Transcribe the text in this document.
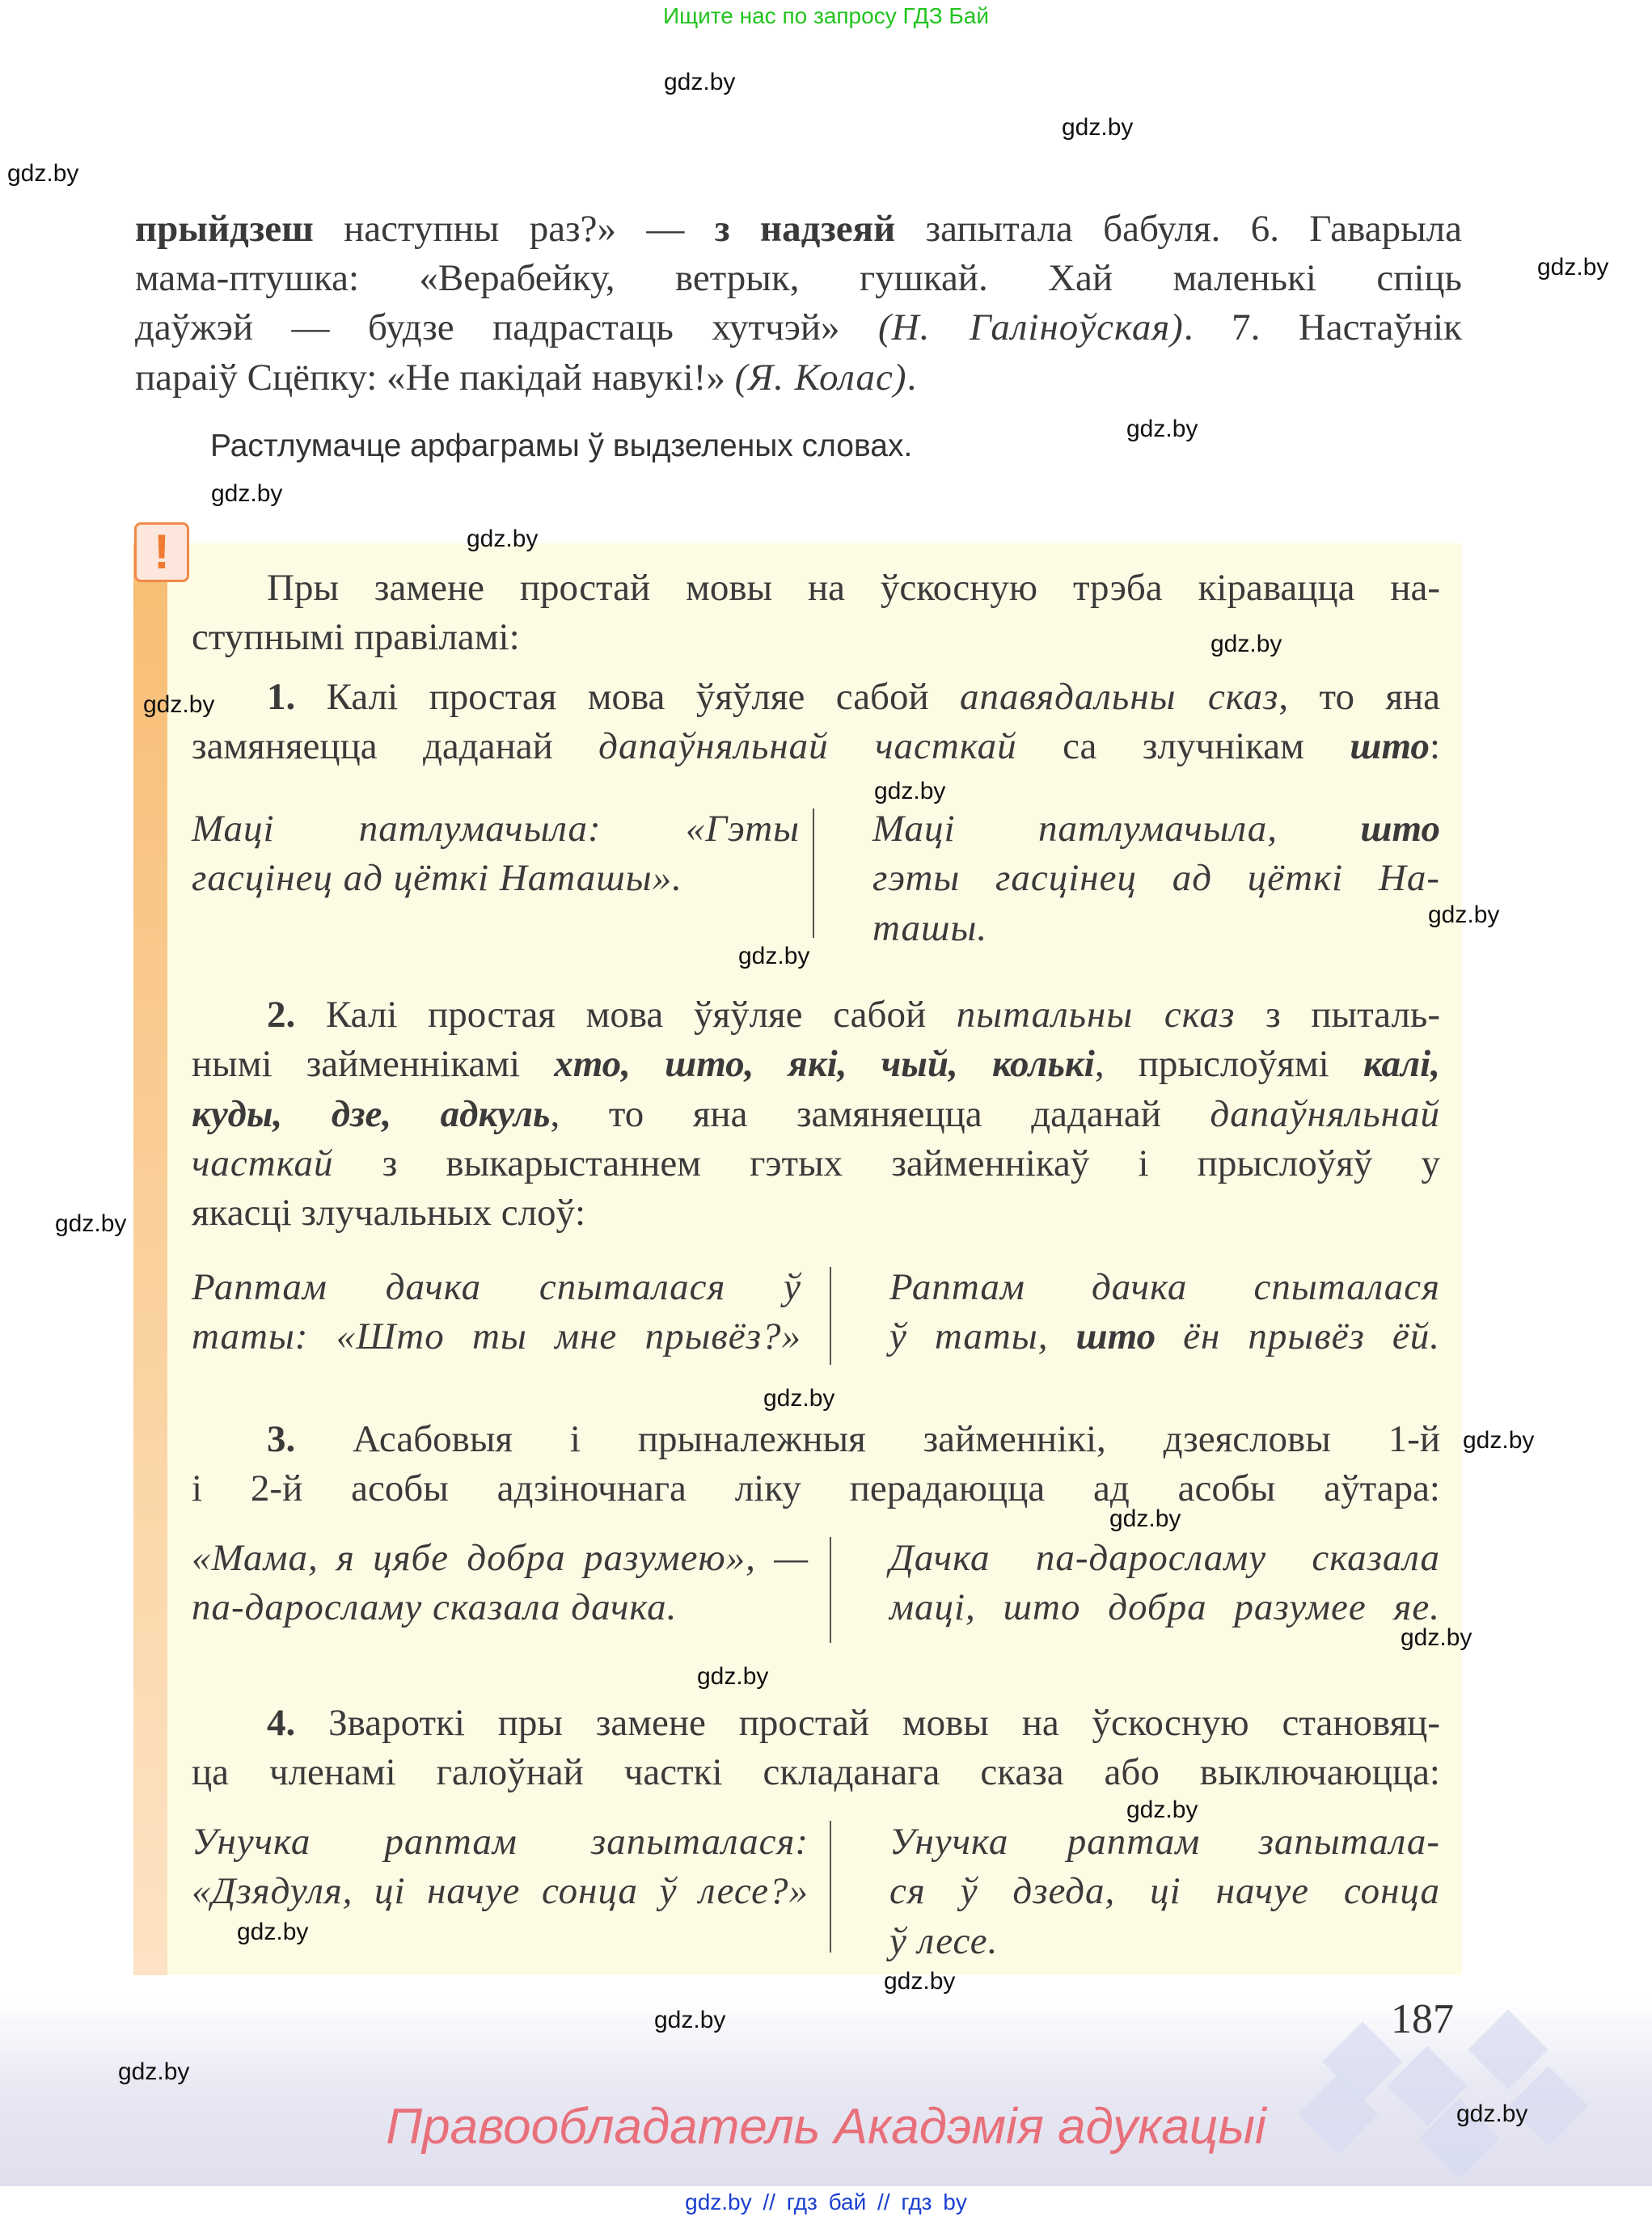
Ищите нас по запросу ГДЗ Бай
прыйдзеш наступны раз?» — з надзеяй запытала бабуля. 6. Гаварыла
мама-птушка: «Верабейку, ветрык, гушкай. Хай маленькі спіць
даўжэй — будзе падрастаць хутчэй» (Н. Галіноўская). 7. Настаўнік
параіў Сцёпку: «Не пакідай навукі!» (Я. Колас).
Растлумачце арфаграмы ў выдзеленых словах.
!
Пры замене простай мовы на ўскосную трэба кіравацца на-
ступнымі правіламі:
1. Калі простая мова ўяўляе сабой апавядальны сказ, то яна
замяняецца даданай дапаўняльнай часткай са злучнікам што:
Маці патлумачыла: «Гэты
гасцінец ад цёткі Наташы».
Маці патлумачыла, што
гэты гасцінец ад цёткі На-
ташы.
2. Калі простая мова ўяўляе сабой пытальны сказ з пыталь-
нымі займеннікамі хто, што, які, чый, колькі, прыслоўямі калі,
куды, дзе, адкуль, то яна замяняецца даданай дапаўняльнай
часткай з выкарыстаннем гэтых займеннікаў і прыслоўяў у
якасці злучальных слоў:
Раптам дачка спыталася ў
таты: «Што ты мне прывёз?»
Раптам дачка спыталася
ў таты, што ён прывёз ёй.
3. Асабовыя і прыналежныя займеннікі, дзеясловы 1-й
і 2-й асобы адзіночнага ліку перадаюцца ад асобы аўтара:
«Мама, я цябе добра разумею», —
па-даросламу сказала дачка.
Дачка па-даросламу сказала
маці, што добра разумее яе.
4. Звароткі пры замене простай мовы на ўскосную становяц-
ца членамі галоўнай часткі складанага сказа або выключаюцца:
Унучка раптам запыталася:
«Дзядуля, ці начуе сонца ў лесе?»
Унучка раптам запытала-
ся ў дзеда, ці начуе сонца
ў лесе.
187
Правообладатель Акадэмія адукацыі
gdz.by // гдз бай // гдз by
gdz.by
gdz.by
gdz.by
gdz.by
gdz.by
gdz.by
gdz.by
gdz.by
gdz.by
gdz.by
gdz.by
gdz.by
gdz.by
gdz.by
gdz.by
gdz.by
gdz.by
gdz.by
gdz.by
gdz.by
gdz.by
gdz.by
gdz.by
gdz.by
